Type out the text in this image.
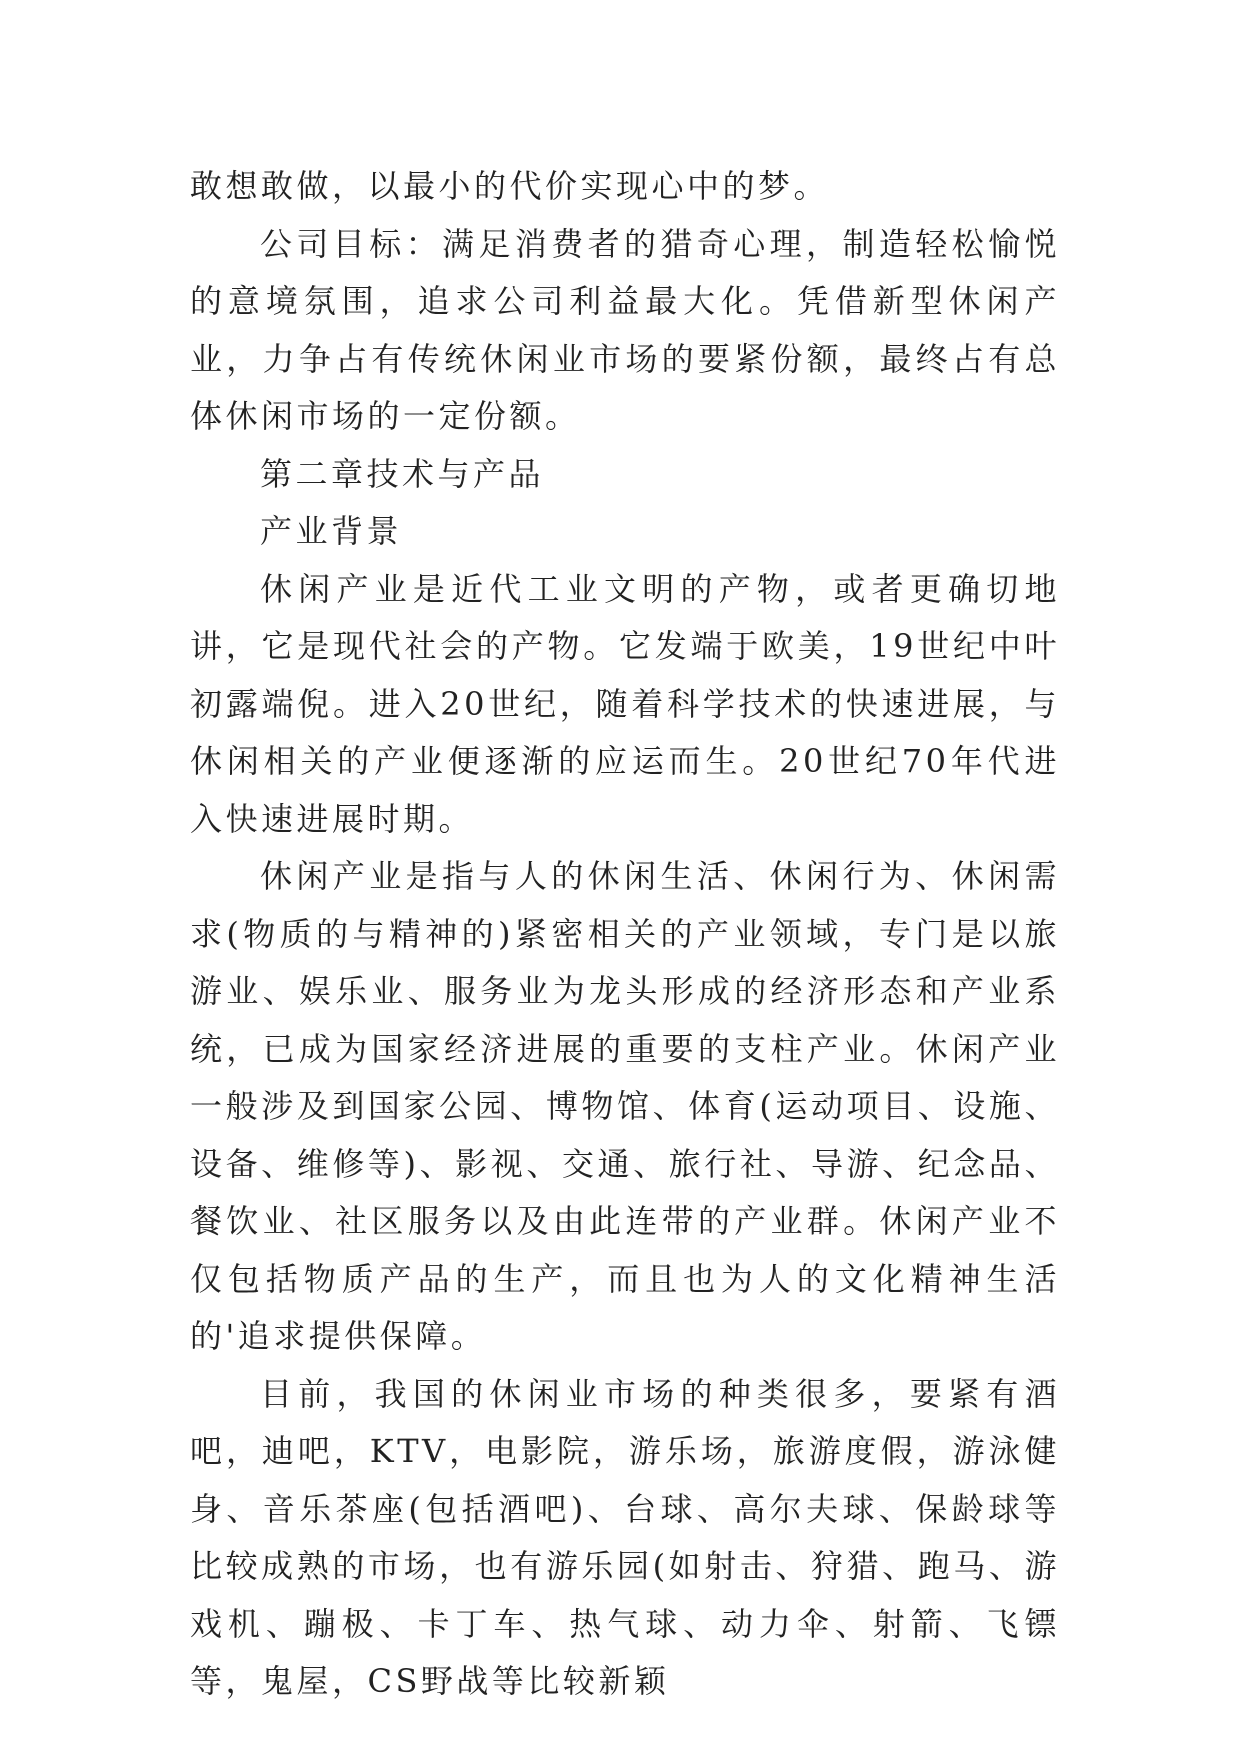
敢想敢做，以最小的代价实现心中的梦。

公司目标：满足消费者的猎奇心理，制造轻松愉悦的意境氛围，追求公司利益最大化。凭借新型休闲产业，力争占有传统休闲业市场的要紧份额，最终占有总体休闲市场的一定份额。

第二章技术与产品

产业背景

休闲产业是近代工业文明的产物，或者更确切地讲，它是现代社会的产物。它发端于欧美，19世纪中叶初露端倪。进入20世纪，随着科学技术的快速进展，与休闲相关的产业便逐渐的应运而生。20世纪70年代进入快速进展时期。

休闲产业是指与人的休闲生活、休闲行为、休闲需求(物质的与精神的)紧密相关的产业领域，专门是以旅游业、娱乐业、服务业为龙头形成的经济形态和产业系统，已成为国家经济进展的重要的支柱产业。休闲产业一般涉及到国家公园、博物馆、体育(运动项目、设施、设备、维修等)、影视、交通、旅行社、导游、纪念品、餐饮业、社区服务以及由此连带的产业群。休闲产业不仅包括物质产品的生产，而且也为人的文化精神生活的'追求提供保障。

目前，我国的休闲业市场的种类很多，要紧有酒吧，迪吧，KTV，电影院，游乐场，旅游度假，游泳健身、音乐茶座(包括酒吧)、台球、高尔夫球、保龄球等比较成熟的市场，也有游乐园(如射击、狩猎、跑马、游戏机、蹦极、卡丁车、热气球、动力伞、射箭、飞镖等，鬼屋，CS野战等比较新颖
